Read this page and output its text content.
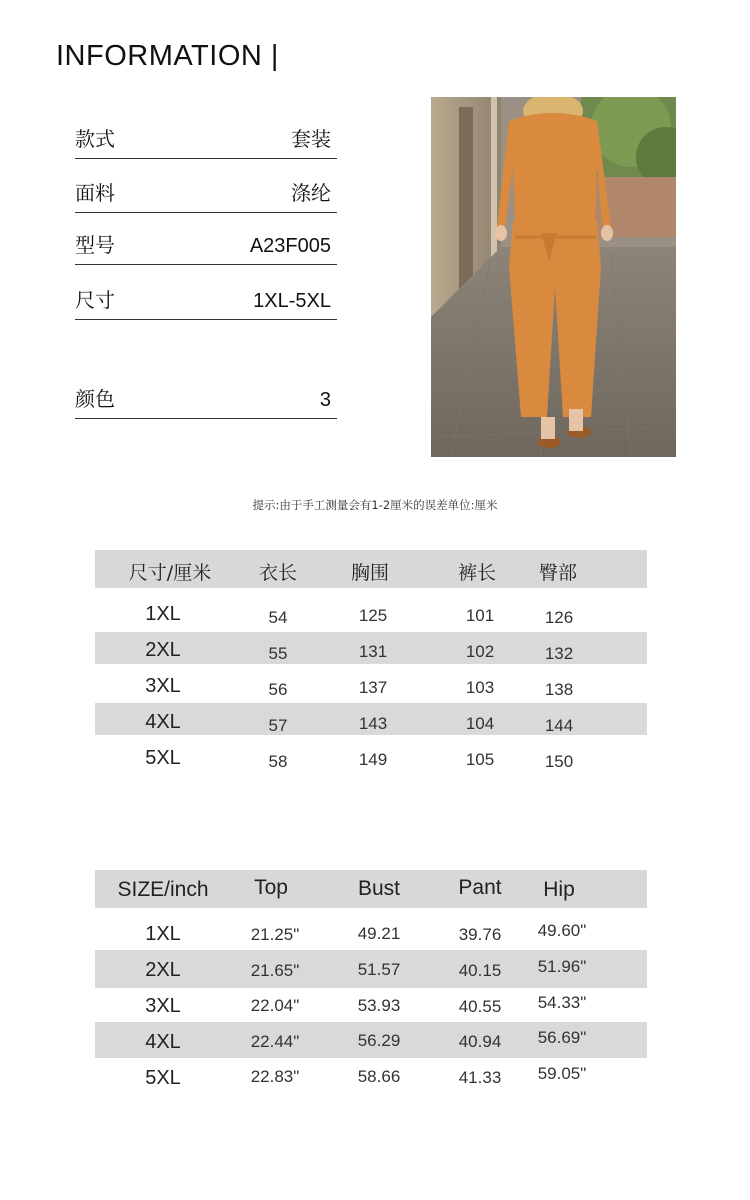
INFORMATION |
款式	套装
面料	涤纶
型号	A23F005
尺寸	1XL-5XL
颜色	3
提示:由于手工测量会有1-2厘米的误差单位:厘米
尺寸/厘米	衣长	胸围	裤长 臀部
1XL	54	125	101	126
2XL	55	131	102	132
3XL	56	137	103	138
4XL	57	143	104	144
5XL	58	149	105	150
SIZE/inch Top	Bust	Pant Hip
1XL	21.25"	49.21	39.76 49.60"
2XL	21.65"	51.57	40.15 51.96"
3XL	22.04"	53.93	40.55 54.33"
4XL	22.44"	56.29	40.94 56.69"
5XL	22.83"	58.66	41.33 59.05"
